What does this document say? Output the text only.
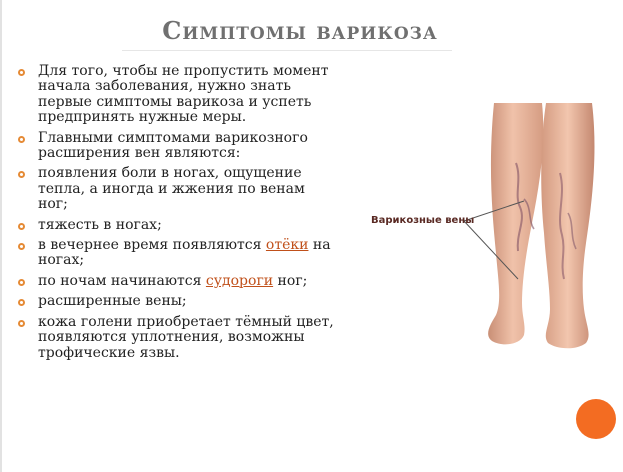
Симптомы варикоза
Для того, чтобы не пропустить момент начала заболевания, нужно знать первые симптомы варикоза и успеть предпринять нужные меры.
Главными симптомами варикозного расширения вен являются:
появления боли в ногах, ощущение тепла, а иногда и жжения по венам ног;
тяжесть в ногах;
в вечернее время появляются отёки на ногах;
по ночам начинаются судороги ног;
расширенные вены;
кожа голени приобретает тёмный цвет, появляются уплотнения, возможны трофические язвы.
Варикозные вены
